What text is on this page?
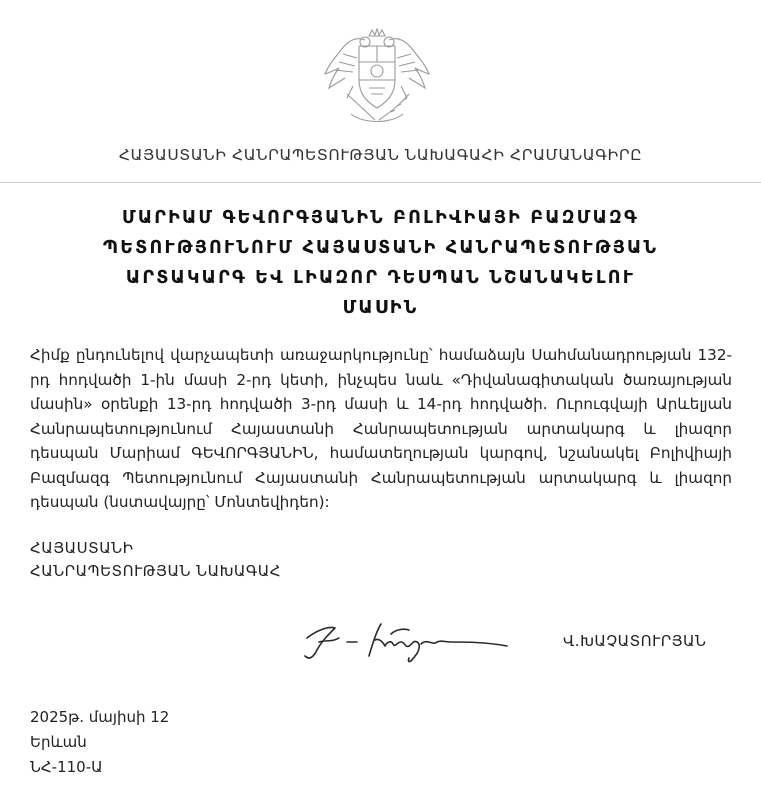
ՀԱՅԱՍՏԱՆԻ ՀԱՆՐԱՊԵՏՈՒԹՅԱՆ ՆԱԽԱԳԱՀԻ ՀՐԱՄԱՆԱԳԻՐԸ
ՄԱՐԻԱՄ ԳԵՎՈՐԳՅԱՆԻՆ ԲՈԼԻՎԻԱՅԻ ԲԱԶՄԱԶԳ
ՊԵՏՈՒԹՅՈՒՆՈՒՄ ՀԱՅԱՍՏԱՆԻ ՀԱՆՐԱՊԵՏՈՒԹՅԱՆ
ԱՐՏԱԿԱՐԳ ԵՎ ԼԻԱԶՈՐ ԴԵՍՊԱՆ ՆՇԱՆԱԿԵԼՈՒ
ՄԱՍԻՆ
Հիմք ընդունելով վարչապետի առաջարկությունը՝ համաձայն Սահմանադրության 132-րդ հոդվածի 1-ին մասի 2-րդ կետի, ինչպես նաև «Դիվանագիտական ծառայության մասին» օրենքի 13-րդ հոդվածի 3-րդ մասի և 14-րդ հոդվածի. Ուրուգվայի Արևելյան Հանրապետությունում Հայաստանի Հանրապետության արտակարգ և լիազոր դեսպան Մարիամ ԳԵՎՈՐԳՅԱՆԻՆ, համատեղության կարգով, նշանակել Բոլիվիայի Բազմազգ Պետությունում Հայաստանի Հանրապետության արտակարգ և լիազոր դեսպան (նստավայրը՝ Մոնտեվիդեո):
ՀԱՅԱՍՏԱՆԻ
ՀԱՆՐԱՊԵՏՈՒԹՅԱՆ ՆԱԽԱԳԱՀ
Վ.ԽԱՉԱՏՈՒՐՅԱՆ
2025թ. մայիսի 12
Երևան
ՆՀ-110-Ա
